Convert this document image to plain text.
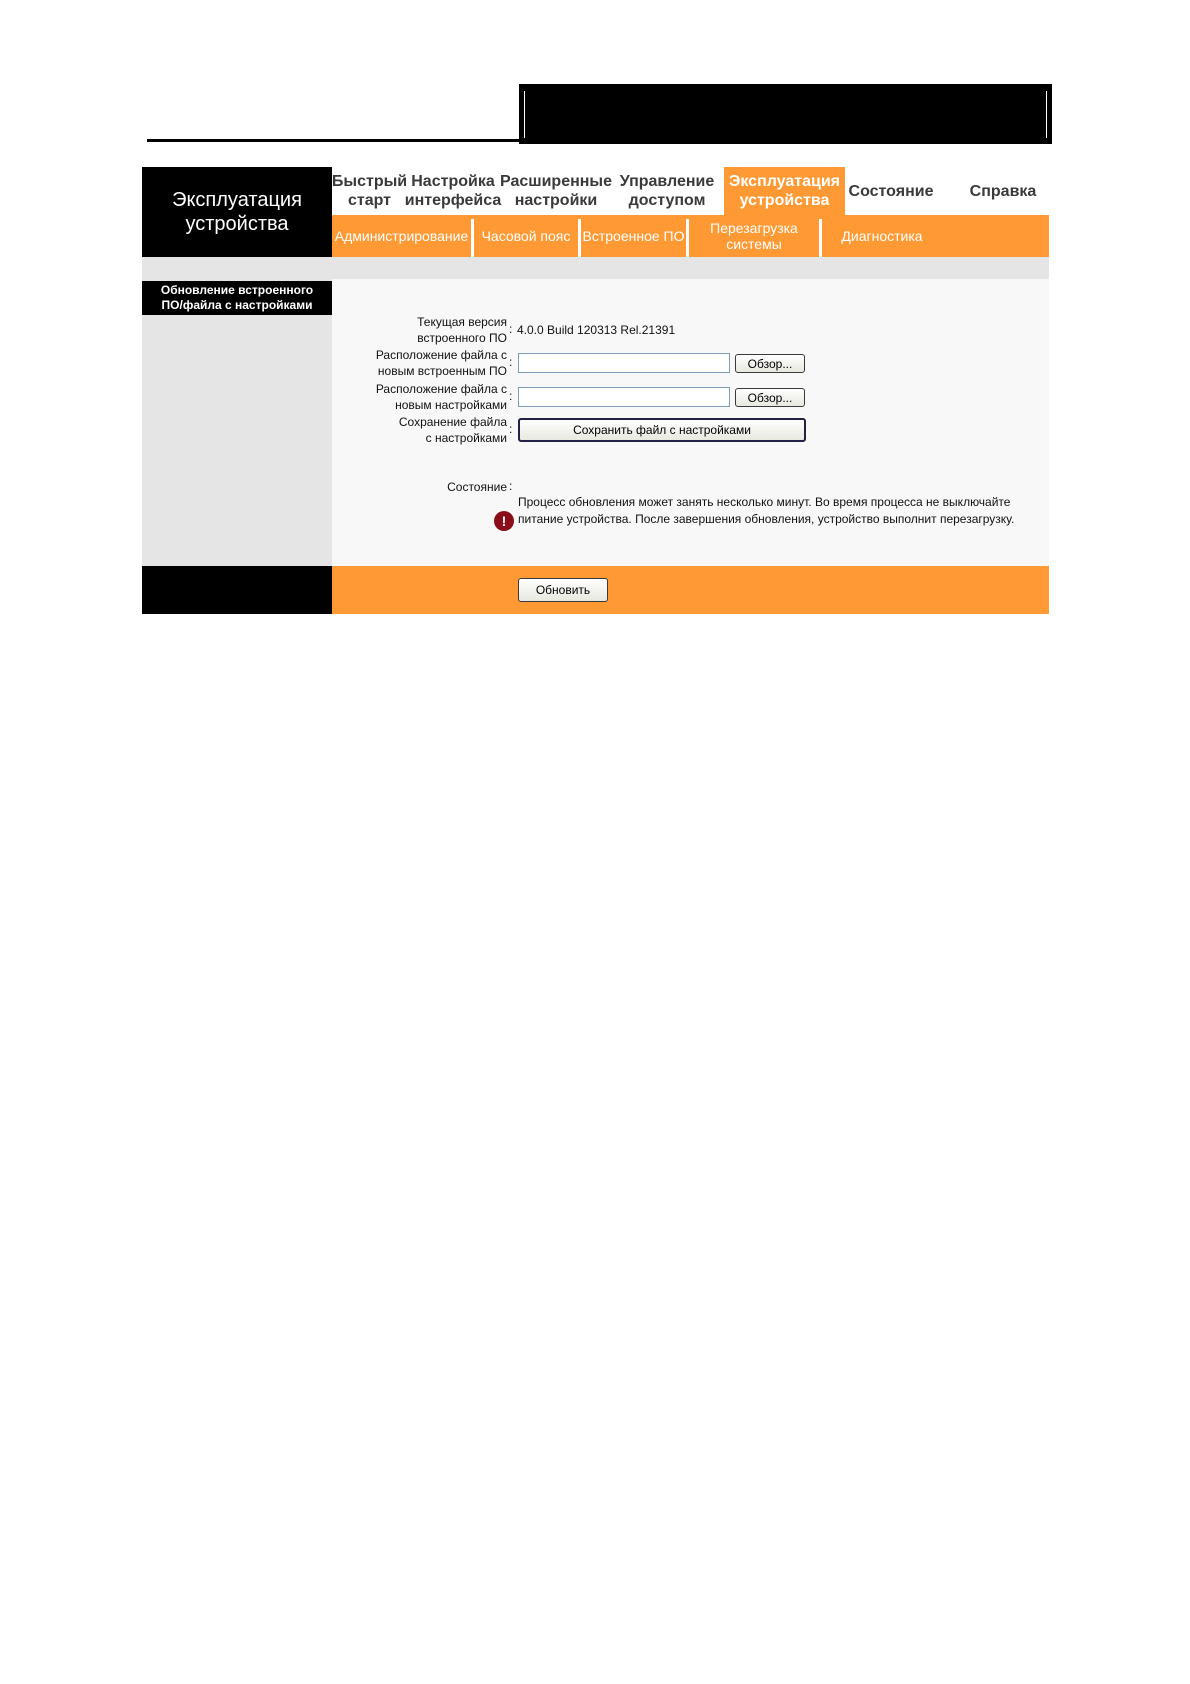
Эксплуатация
устройства
Быстрый
старт
Настройка
интерфейса
Расширенные
настройки
Управление
доступом
Эксплуатация
устройства
Состояние	Справка
Администрирование Часовой пояс Встроенное ПО	Перезагрузка
системы	Диагностика
Обновление встроенного
ПО/файла с настройками
Текущая версия
встроенного ПО
: 4.0.0 Build 120313 Rel.21391
Расположение файла с
новым встроенным ПО
:	Обзор...
Расположение файла с
новым настройками
:	Обзор...
Сохранение файла
с настройками
:	Сохранить файл с настройками
Состояние :
!
Процесс обновления может занять несколько минут. Во время процесса не выключайте питание устройства. После завершения обновления, устройство выполнит перезагрузку.
Обновить
